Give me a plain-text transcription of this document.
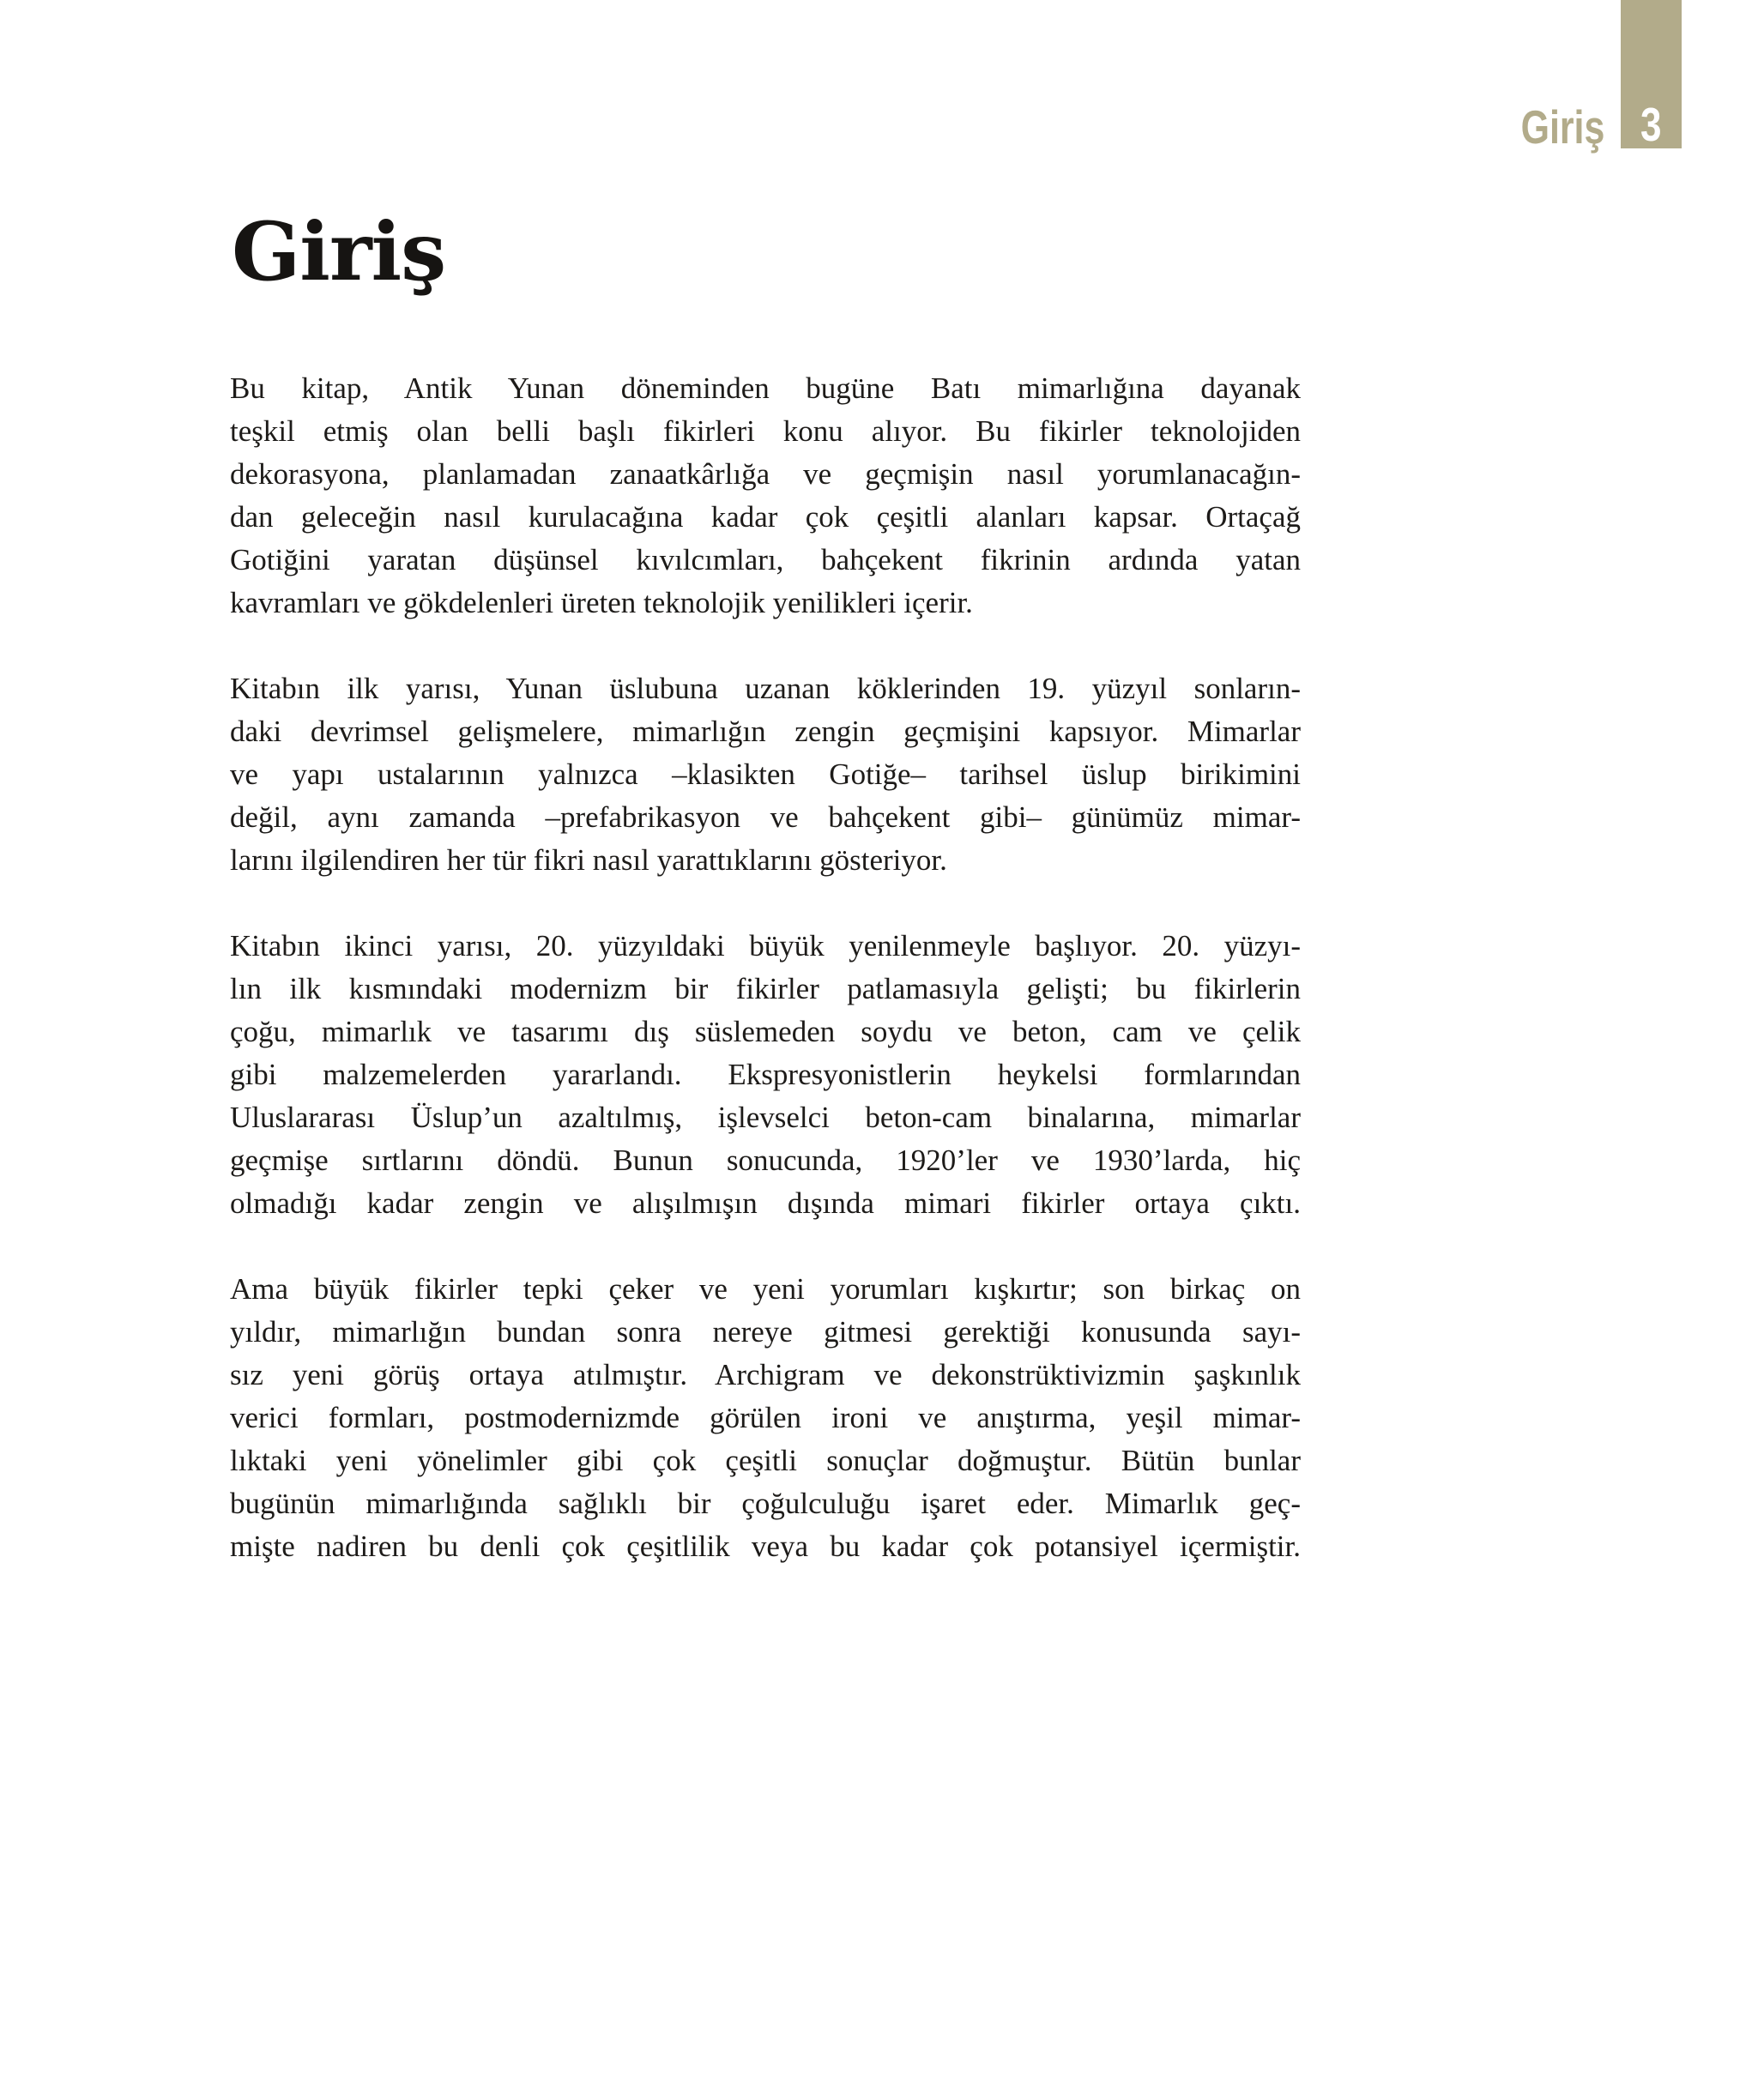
Giriş 3
Giriş
Bu kitap, Antik Yunan döneminden bugüne Batı mimarlığına dayanak
teşkil etmiş olan belli başlı fikirleri konu alıyor. Bu fikirler teknolojiden
dekorasyona, planlamadan zanaatkârlığa ve geçmişin nasıl yorumlanacağın-
dan geleceğin nasıl kurulacağına kadar çok çeşitli alanları kapsar. Ortaçağ
Gotiğini yaratan düşünsel kıvılcımları, bahçekent fikrinin ardında yatan
kavramları ve gökdelenleri üreten teknolojik yenilikleri içerir.
Kitabın ilk yarısı, Yunan üslubuna uzanan köklerinden 19. yüzyıl sonların-
daki devrimsel gelişmelere, mimarlığın zengin geçmişini kapsıyor. Mimarlar
ve yapı ustalarının yalnızca –klasikten Gotiğe– tarihsel üslup birikimini
değil, aynı zamanda –prefabrikasyon ve bahçekent gibi– günümüz mimar-
larını ilgilendiren her tür fikri nasıl yarattıklarını gösteriyor.
Kitabın ikinci yarısı, 20. yüzyıldaki büyük yenilenmeyle başlıyor. 20. yüzyı-
lın ilk kısmındaki modernizm bir fikirler patlamasıyla gelişti; bu fikirlerin
çoğu, mimarlık ve tasarımı dış süslemeden soydu ve beton, cam ve çelik
gibi malzemelerden yararlandı. Ekspresyonistlerin heykelsi formlarından
Uluslararası Üslup’un azaltılmış, işlevselci beton-cam binalarına, mimarlar
geçmişe sırtlarını döndü. Bunun sonucunda, 1920’ler ve 1930’larda, hiç
olmadığı kadar zengin ve alışılmışın dışında mimari fikirler ortaya çıktı.
Ama büyük fikirler tepki çeker ve yeni yorumları kışkırtır; son birkaç on
yıldır, mimarlığın bundan sonra nereye gitmesi gerektiği konusunda sayı-
sız yeni görüş ortaya atılmıştır. Archigram ve dekonstrüktivizmin şaşkınlık
verici formları, postmodernizmde görülen ironi ve anıştırma, yeşil mimar-
lıktaki yeni yönelimler gibi çok çeşitli sonuçlar doğmuştur. Bütün bunlar
bugünün mimarlığında sağlıklı bir çoğulculuğu işaret eder. Mimarlık geç-
mişte nadiren bu denli çok çeşitlilik veya bu kadar çok potansiyel içermiştir.
